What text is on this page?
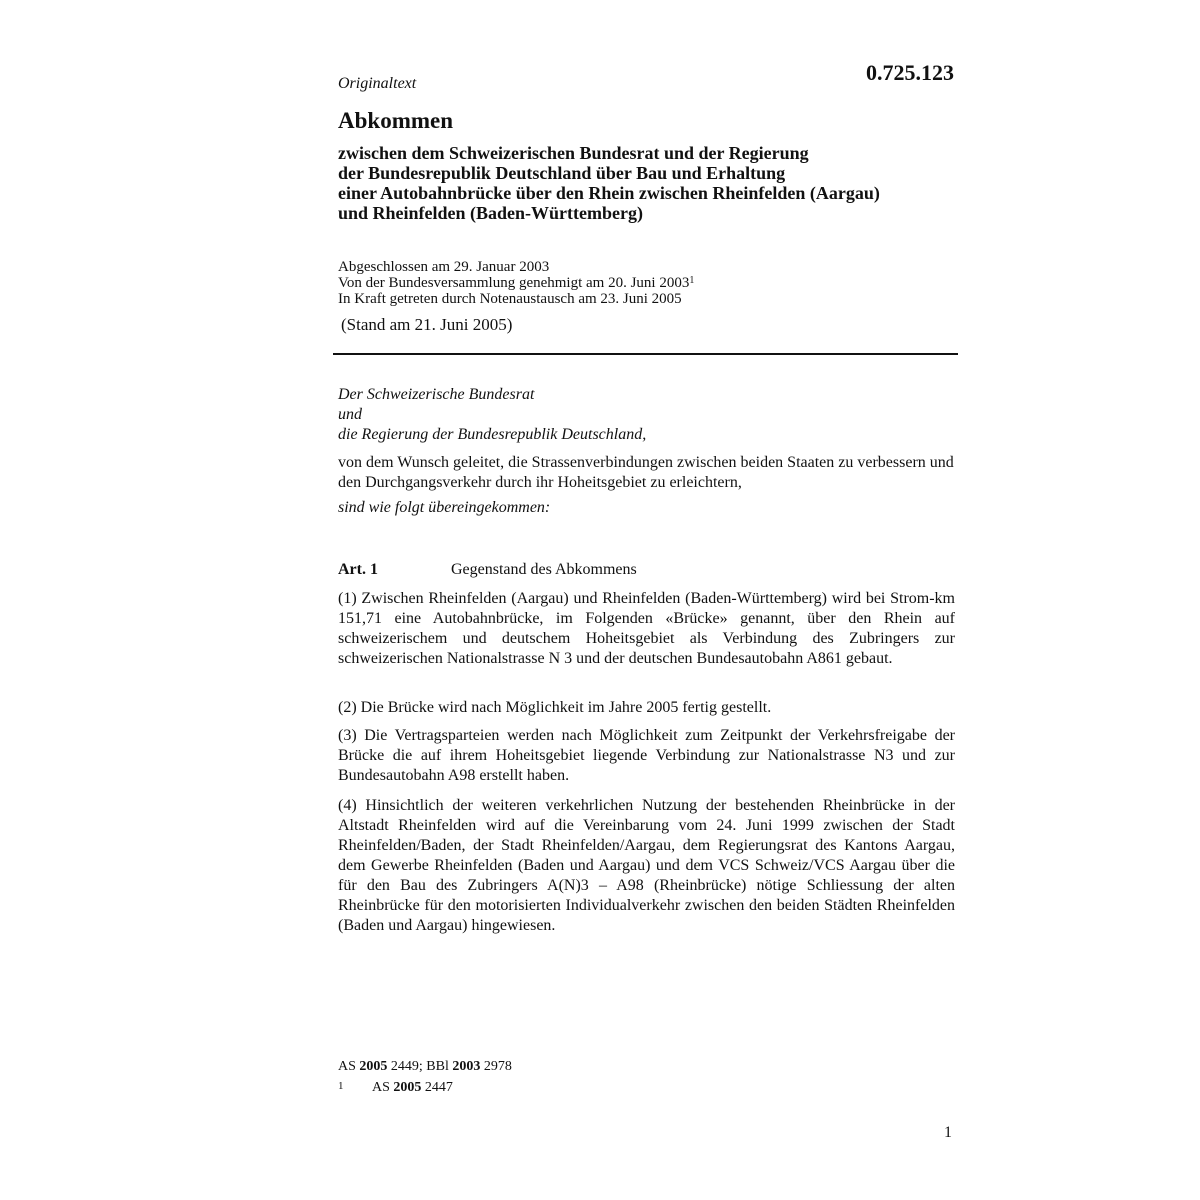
Originaltext	0.725.123
Abkommen
zwischen dem Schweizerischen Bundesrat und der Regierung
der Bundesrepublik Deutschland über Bau und Erhaltung
einer Autobahnbrücke über den Rhein zwischen Rheinfelden (Aargau)
und Rheinfelden (Baden-Württemberg)
Abgeschlossen am 29. Januar 2003
Von der Bundesversammlung genehmigt am 20. Juni 2003$^1$
In Kraft getreten durch Notenaustausch am 23. Juni 2005
(Stand am 21. Juni 2005)
Der Schweizerische Bundesrat
und
die Regierung der Bundesrepublik Deutschland,
von dem Wunsch geleitet, die Strassenverbindungen zwischen beiden Staaten zu verbessern und den Durchgangsverkehr durch ihr Hoheitsgebiet zu erleichtern,
sind wie folgt übereingekommen:
Art. 1	Gegenstand des Abkommens
(1) Zwischen Rheinfelden (Aargau) und Rheinfelden (Baden-Württemberg) wird bei Strom-km 151,71 eine Autobahnbrücke, im Folgenden «Brücke» genannt, über den Rhein auf schweizerischem und deutschem Hoheitsgebiet als Verbindung des Zubringers zur schweizerischen Nationalstrasse N 3 und der deutschen Bundesautobahn A861 gebaut.
(2) Die Brücke wird nach Möglichkeit im Jahre 2005 fertig gestellt.
(3) Die Vertragsparteien werden nach Möglichkeit zum Zeitpunkt der Verkehrsfreigabe der Brücke die auf ihrem Hoheitsgebiet liegende Verbindung zur Nationalstrasse N3 und zur Bundesautobahn A98 erstellt haben.
(4) Hinsichtlich der weiteren verkehrlichen Nutzung der bestehenden Rheinbrücke in der Altstadt Rheinfelden wird auf die Vereinbarung vom 24. Juni 1999 zwischen der Stadt Rheinfelden/Baden, der Stadt Rheinfelden/Aargau, dem Regierungsrat des Kantons Aargau, dem Gewerbe Rheinfelden (Baden und Aargau) und dem VCS Schweiz/VCS Aargau über die für den Bau des Zubringers A(N)3 – A98 (Rheinbrücke) nötige Schliessung der alten Rheinbrücke für den motorisierten Individualverkehr zwischen den beiden Städten Rheinfelden (Baden und Aargau) hingewiesen.
AS 2005 2449; BBl 2003 2978
1 AS 2005 2447
1
